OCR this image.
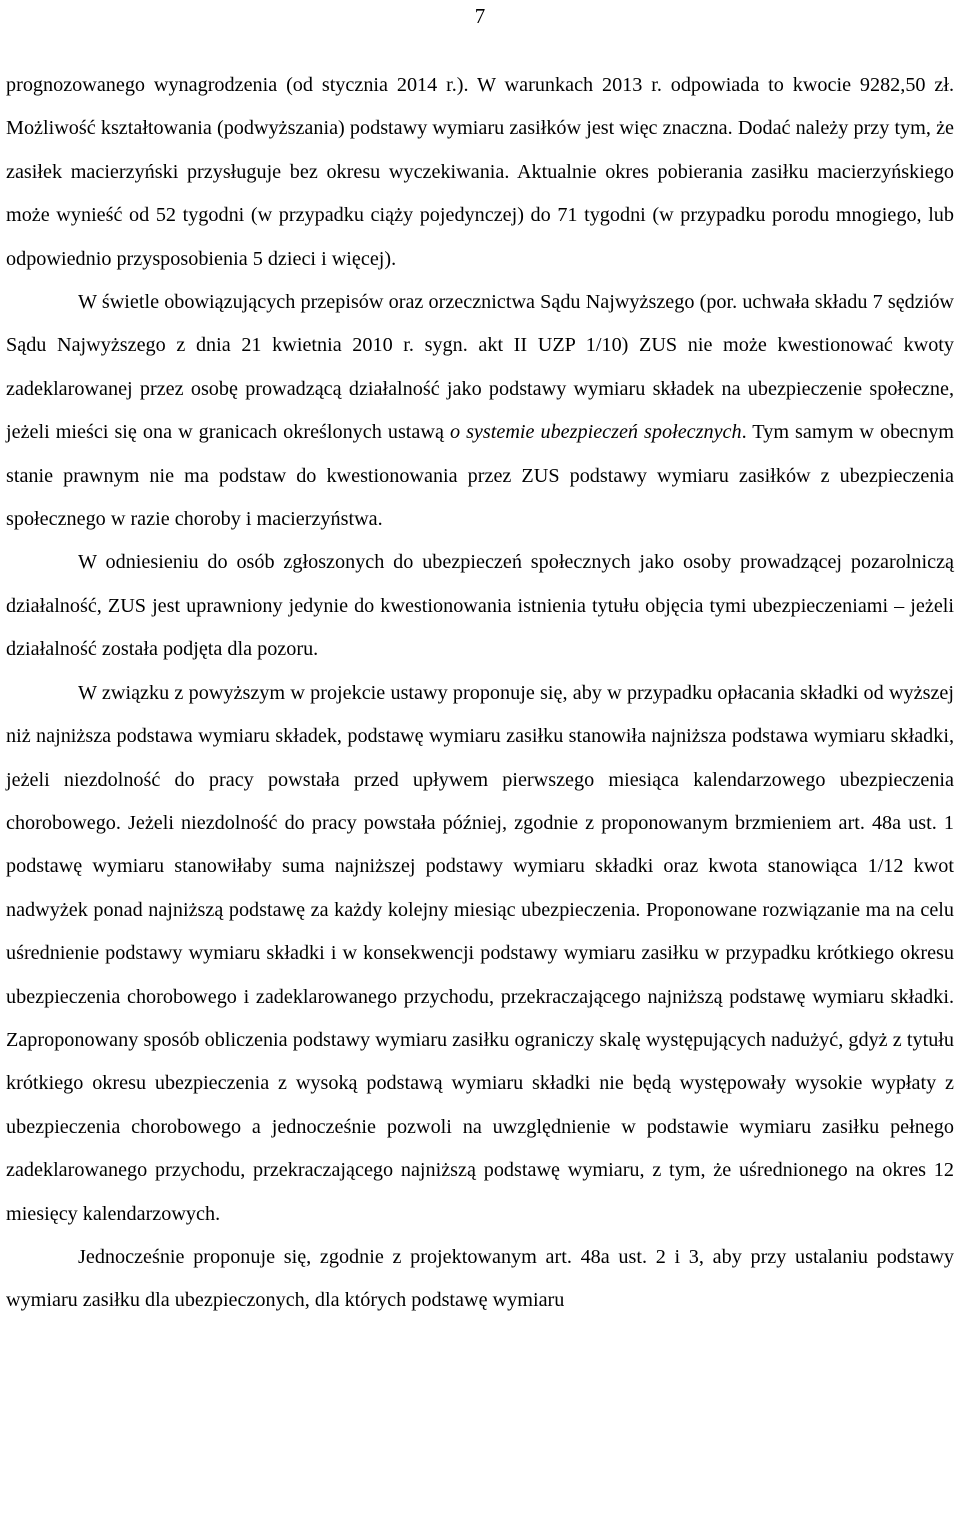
7

prognozowanego wynagrodzenia (od stycznia 2014 r.). W warunkach 2013 r. odpowiada to kwocie 9282,50 zł. Możliwość kształtowania (podwyższania) podstawy wymiaru zasiłków jest więc znaczna. Dodać należy przy tym, że zasiłek macierzyński przysługuje bez okresu wyczekiwania. Aktualnie okres pobierania zasiłku macierzyńskiego może wynieść od 52 tygodni (w przypadku ciąży pojedynczej) do 71 tygodni (w przypadku porodu mnogiego, lub odpowiednio przysposobienia 5 dzieci i więcej).

W świetle obowiązujących przepisów oraz orzecznictwa Sądu Najwyższego (por. uchwała składu 7 sędziów Sądu Najwyższego z dnia 21 kwietnia 2010 r. sygn. akt II UZP 1/10) ZUS nie może kwestionować kwoty zadeklarowanej przez osobę prowadzącą działalność jako podstawy wymiaru składek na ubezpieczenie społeczne, jeżeli mieści się ona w granicach określonych ustawą o systemie ubezpieczeń społecznych. Tym samym w obecnym stanie prawnym nie ma podstaw do kwestionowania przez ZUS podstawy wymiaru zasiłków z ubezpieczenia społecznego w razie choroby i macierzyństwa.

W odniesieniu do osób zgłoszonych do ubezpieczeń społecznych jako osoby prowadzącej pozarolniczą działalność, ZUS jest uprawniony jedynie do kwestionowania istnienia tytułu objęcia tymi ubezpieczeniami – jeżeli działalność została podjęta dla pozoru.

W związku z powyższym w projekcie ustawy proponuje się, aby w przypadku opłacania składki od wyższej niż najniższa podstawa wymiaru składek, podstawę wymiaru zasiłku stanowiła najniższa podstawa wymiaru składki, jeżeli niezdolność do pracy powstała przed upływem pierwszego miesiąca kalendarzowego ubezpieczenia chorobowego. Jeżeli niezdolność do pracy powstała później, zgodnie z proponowanym brzmieniem art. 48a ust. 1 podstawę wymiaru stanowiłaby suma najniższej podstawy wymiaru składki oraz kwota stanowiąca 1/12 kwot nadwyżek ponad najniższą podstawę za każdy kolejny miesiąc ubezpieczenia. Proponowane rozwiązanie ma na celu uśrednienie podstawy wymiaru składki i w konsekwencji podstawy wymiaru zasiłku w przypadku krótkiego okresu ubezpieczenia chorobowego i zadeklarowanego przychodu, przekraczającego najniższą podstawę wymiaru składki. Zaproponowany sposób obliczenia podstawy wymiaru zasiłku ograniczy skalę występujących nadużyć, gdyż z tytułu krótkiego okresu ubezpieczenia z wysoką podstawą wymiaru składki nie będą występowały wysokie wypłaty z ubezpieczenia chorobowego a jednocześnie pozwoli na uwzględnienie w podstawie wymiaru zasiłku pełnego zadeklarowanego przychodu, przekraczającego najniższą podstawę wymiaru, z tym, że uśrednionego na okres 12 miesięcy kalendarzowych.

Jednocześnie proponuje się, zgodnie z projektowanym art. 48a ust. 2 i 3, aby przy ustalaniu podstawy wymiaru zasiłku dla ubezpieczonych, dla których podstawę wymiaru
